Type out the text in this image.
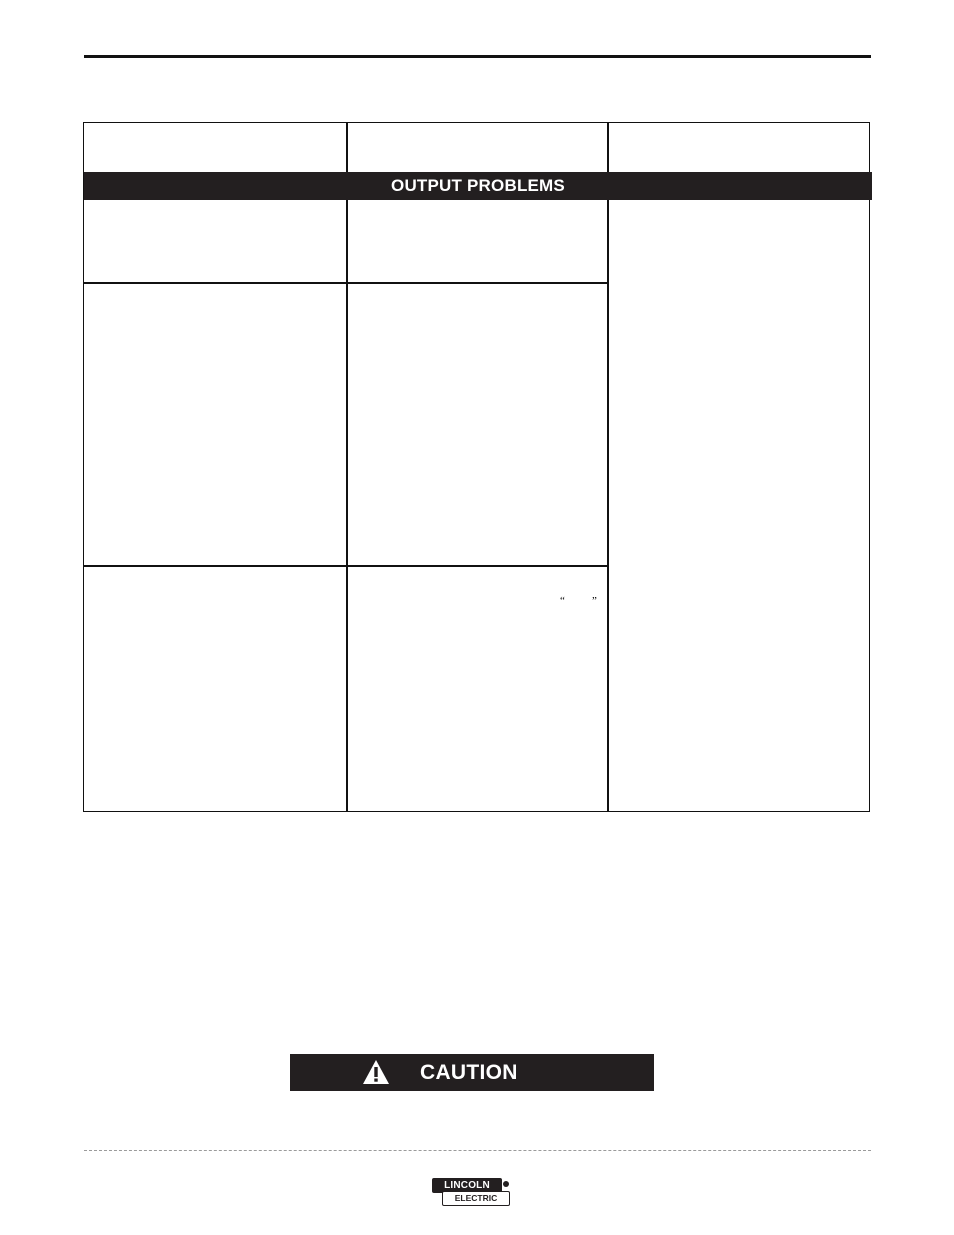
OUTPUT PROBLEMS
“ ”
CAUTION
LINCOLN
ELECTRIC
